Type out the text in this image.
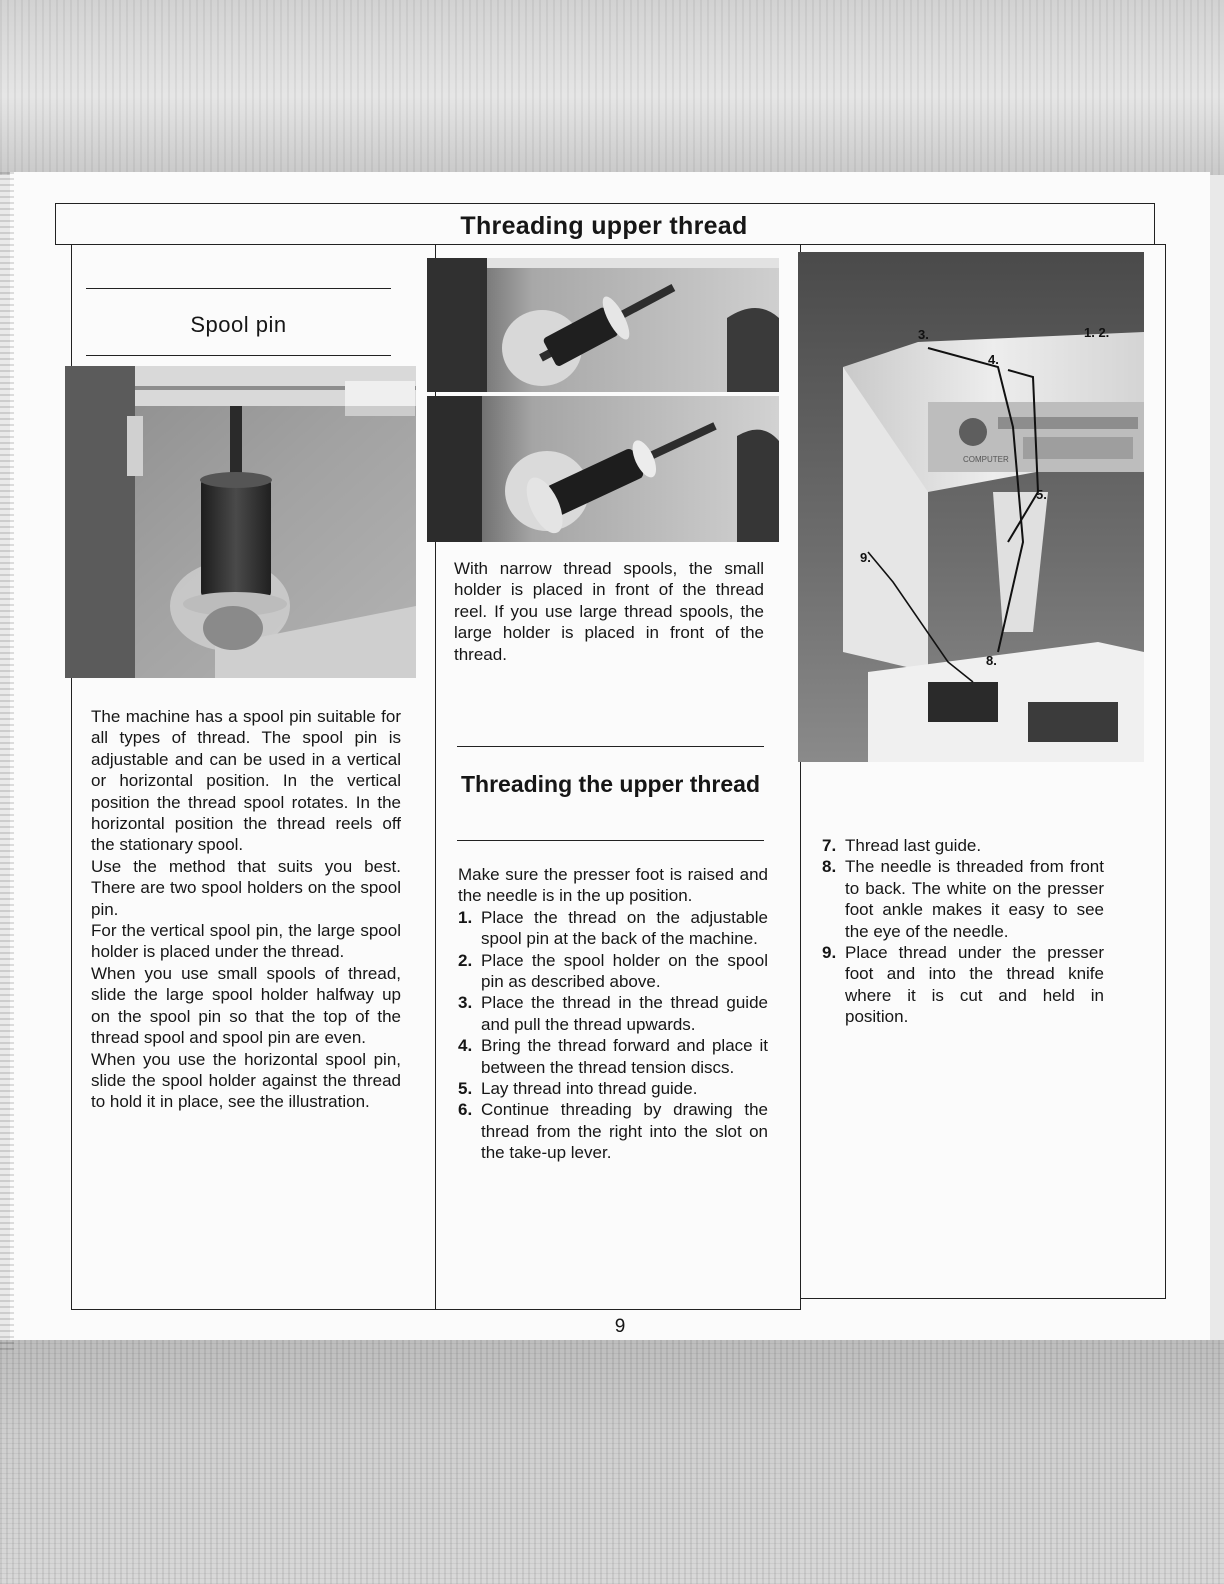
Threading upper thread
Spool pin

The machine has a spool pin suitable for all types of thread. The spool pin is adjustable and can be used in a vertical or horizontal position. In the vertical position the thread spool rotates. In the horizontal position the thread reels off the stationary spool.

Use the method that suits you best. There are two spool holders on the spool pin.

For the vertical spool pin, the large spool holder is placed under the thread.

When you use small spools of thread, slide the large spool holder halfway up on the spool pin so that the top of the thread spool and spool pin are even.

When you use the horizontal spool pin, slide the spool holder against the thread to hold it in place, see the illustration.

With narrow thread spools, the small holder is placed in front of the thread reel. If you use large thread spools, the large holder is placed in front of the thread.
Threading the upper thread

Make sure the presser foot is raised and the needle is in the up position.

1. Place the thread on the adjustable spool pin at the back of the machine.
2. Place the spool holder on the spool pin as described above.
3. Place the thread in the thread guide and pull the thread upwards.
4. Bring the thread forward and place it between the thread tension discs.
5. Lay thread into thread guide.
6. Continue threading by drawing the thread from the right into the slot on the take-up lever.
COMPUTER
1. 2.
3.
4.
5.
8.
9.
7. Thread last guide.
8. The needle is threaded from front to back. The white on the presser foot ankle makes it easy to see the eye of the needle.
9. Place thread under the presser foot and into the thread knife where it is cut and held in position.
9
